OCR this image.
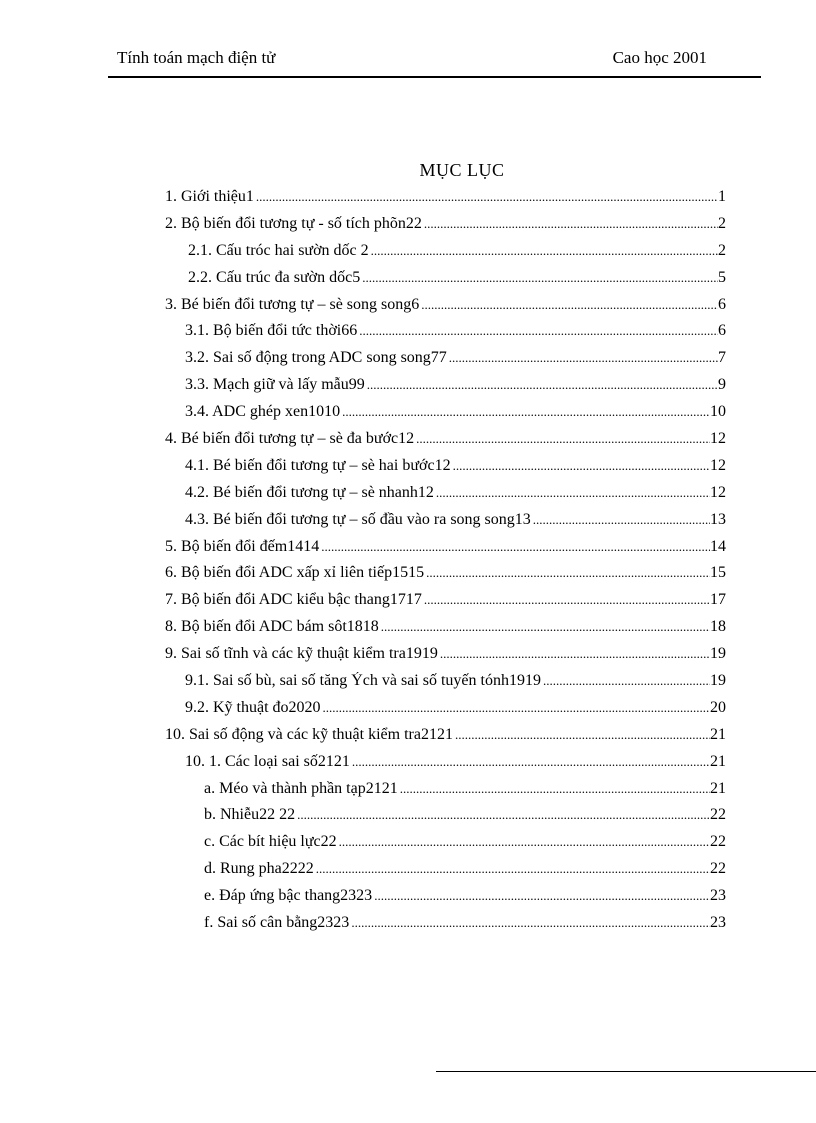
Tính toán mạch điện tử	Cao học 2001
MỤC LỤC
1. Giới thiệu1 .....	1
2. Bộ biến đổi tương tự - số tích phõn22 .....	2
2.1. Cấu tróc hai sườn dốc 2 .....	2
2.2. Cấu trúc đa sườn dốc5 .....	5
3. Bé biến đổi tương tự – sè song song6 .....	6
3.1. Bộ biến đổi tức thời66 .....	6
3.2. Sai số động trong ADC song song77 .....	7
3.3. Mạch giữ và lấy mẫu99 .....	9
3.4. ADC ghép xen1010 .....	10
4. Bé biến đổi tương tự – sè đa bước12 .....	12
4.1. Bé biến đổi tương tự – sè hai bước12 .....	12
4.2. Bé biến đổi tương tự – sè nhanh12 .....	12
4.3. Bé biến đổi tương tự – số đầu vào ra song song13 .....	13
5. Bộ biến đổi đếm1414 .....	14
6. Bộ biến đổi ADC xấp xỉ liên tiếp1515 .....	15
7. Bộ biến đổi ADC kiểu bậc thang1717 .....	17
8. Bộ biến đổi ADC bám sôt1818 .....	18
9. Sai số tĩnh và các kỹ thuật kiểm tra1919 .....	19
9.1. Sai số bù, sai số tăng Ých và sai số tuyến tónh1919 .....	19
9.2. Kỹ thuật đo2020 .....	20
10. Sai số động và các kỹ thuật kiểm tra2121 .....	21
10. 1. Các loại sai số2121 .....	21
a. Méo và thành phần tạp2121 .....	21
b. Nhiễu22 22 .....	22
c. Các bít hiệu lực22 .....	22
d. Rung pha2222 .....	22
e. Đáp ứng bậc thang2323 .....	23
f. Sai số cân bằng2323 .....	23
